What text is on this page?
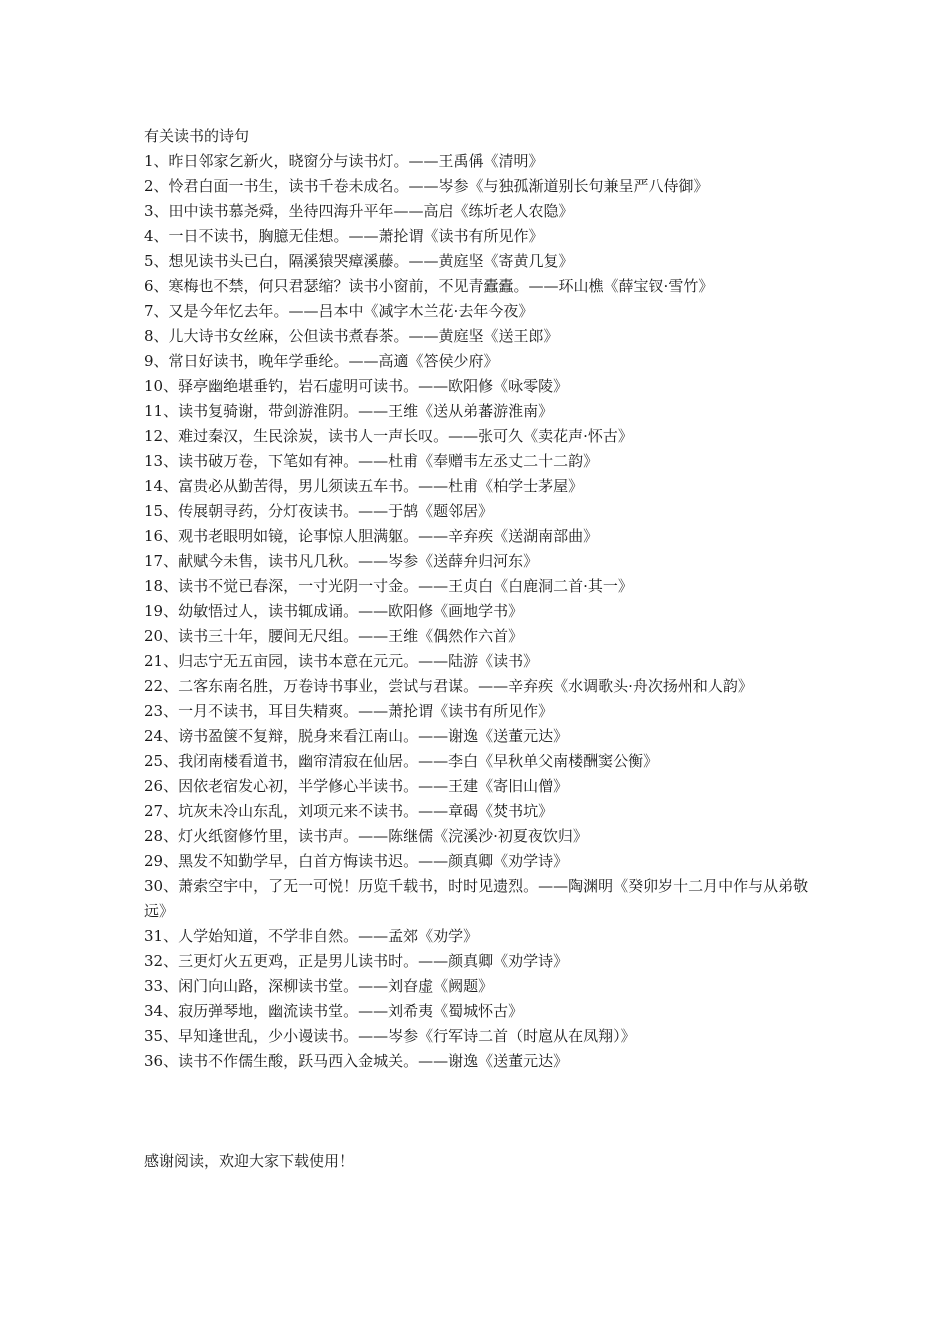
有关读书的诗句
1、昨日邻家乞新火，晓窗分与读书灯。——王禹偁《清明》
2、怜君白面一书生，读书千卷未成名。——岑参《与独孤渐道别长句兼呈严八侍御》
3、田中读书慕尧舜，坐待四海升平年——高启《练圻老人农隐》
4、一日不读书，胸臆无佳想。——萧抡谓《读书有所见作》
5、想见读书头已白，隔溪猿哭瘴溪藤。——黄庭坚《寄黄几复》
6、寒梅也不禁，何只君瑟缩？读书小窗前，不见青蠹蠹。——环山樵《薛宝钗·雪竹》
7、又是今年忆去年。——吕本中《减字木兰花·去年今夜》
8、儿大诗书女丝麻，公但读书煮春茶。——黄庭坚《送王郎》
9、常日好读书，晚年学垂纶。——高適《答侯少府》
10、驿亭幽绝堪垂钓，岩石虚明可读书。——欧阳修《咏零陵》
11、读书复骑谢，带剑游淮阴。——王维《送从弟蕃游淮南》
12、难过秦汉，生民涂炭，读书人一声长叹。——张可久《卖花声·怀古》
13、读书破万卷，下笔如有神。——杜甫《奉赠韦左丞丈二十二韵》
14、富贵必从勤苦得，男儿须读五车书。——杜甫《柏学士茅屋》
15、传展朝寻药，分灯夜读书。——于鹄《题邻居》
16、观书老眼明如镜，论事惊人胆满躯。——辛弃疾《送湖南部曲》
17、献赋今未售，读书凡几秋。——岑参《送薛弁归河东》
18、读书不觉已春深，一寸光阴一寸金。——王贞白《白鹿洞二首·其一》
19、幼敏悟过人，读书辄成诵。——欧阳修《画地学书》
20、读书三十年，腰间无尺组。——王维《偶然作六首》
21、归志宁无五亩园，读书本意在元元。——陆游《读书》
22、二客东南名胜，万卷诗书事业，尝试与君谋。——辛弃疾《水调歌头·舟次扬州和人韵》
23、一月不读书，耳目失精爽。——萧抡谓《读书有所见作》
24、谤书盈箧不复辩，脱身来看江南山。——谢逸《送董元达》
25、我闭南楼看道书，幽帘清寂在仙居。——李白《早秋单父南楼酬窦公衡》
26、因依老宿发心初，半学修心半读书。——王建《寄旧山僧》
27、坑灰未冷山东乱，刘项元来不读书。——章碣《焚书坑》
28、灯火纸窗修竹里，读书声。——陈继儒《浣溪沙·初夏夜饮归》
29、黑发不知勤学早，白首方悔读书迟。——颜真卿《劝学诗》
30、萧索空宇中，了无一可悦！历览千载书，时时见遗烈。——陶渊明《癸卯岁十二月中作与从弟敬远》
31、人学始知道，不学非自然。——孟郊《劝学》
32、三更灯火五更鸡，正是男儿读书时。——颜真卿《劝学诗》
33、闲门向山路，深柳读书堂。——刘昚虚《阙题》
34、寂历弹琴地，幽流读书堂。——刘希夷《蜀城怀古》
35、早知逢世乱，少小谩读书。——岑参《行军诗二首（时扈从在凤翔）》
36、读书不作儒生酸，跃马西入金城关。——谢逸《送董元达》
感谢阅读，欢迎大家下载使用！
